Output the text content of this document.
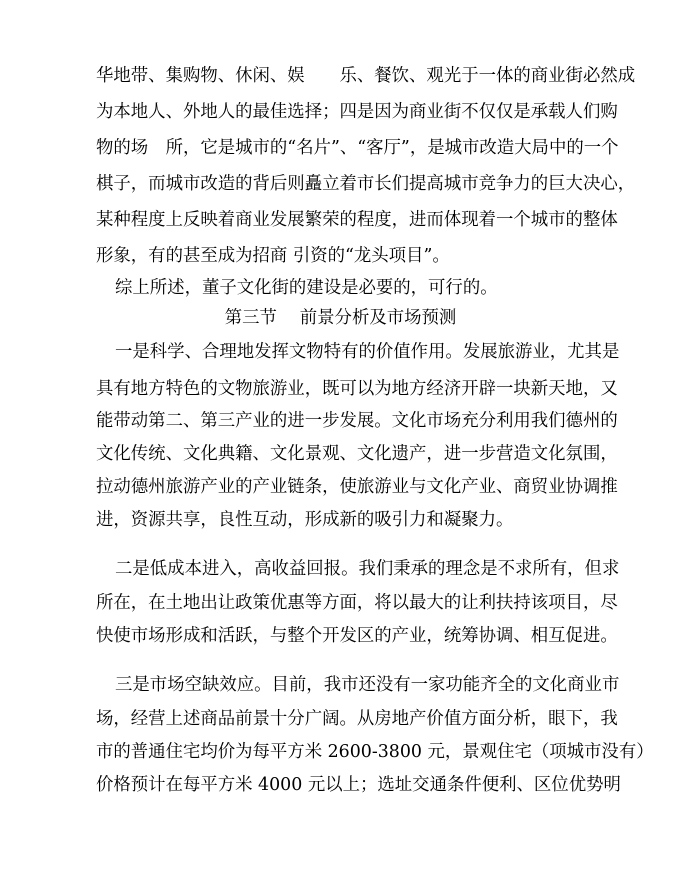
华地带、集购物、休闲、娱　　乐、餐饮、观光于一体的商业街必然成
为本地人、外地人的最佳选择；四是因为商业街不仅仅是承载人们购
物的场　所，它是城市的“名片”、“客厅”，是城市改造大局中的一个
棋子，而城市改造的背后则矗立着市长们提高城市竞争力的巨大决心，
某种程度上反映着商业发展繁荣的程度，进而体现着一个城市的整体
形象，有的甚至成为招商 引资的“龙头项目”。
综上所述，董子文化街的建设是必要的，可行的。
第三节　 前景分析及市场预测
一是科学、合理地发挥文物特有的价值作用。发展旅游业，尤其是
具有地方特色的文物旅游业，既可以为地方经济开辟一块新天地，又
能带动第二、第三产业的进一步发展。文化市场充分利用我们德州的
文化传统、文化典籍、文化景观、文化遗产，进一步营造文化氛围，
拉动德州旅游产业的产业链条，使旅游业与文化产业、商贸业协调推
进，资源共享，良性互动，形成新的吸引力和凝聚力。
二是低成本进入，高收益回报。我们秉承的理念是不求所有，但求
所在，在土地出让政策优惠等方面，将以最大的让利扶持该项目，尽
快使市场形成和活跃，与整个开发区的产业，统筹协调、相互促进。
三是市场空缺效应。目前，我市还没有一家功能齐全的文化商业市
场，经营上述商品前景十分广阔。从房地产价值方面分析，眼下，我
市的普通住宅均价为每平方米 2600-3800 元，景观住宅（项城市没有）
价格预计在每平方米 4000 元以上；选址交通条件便利、区位优势明
